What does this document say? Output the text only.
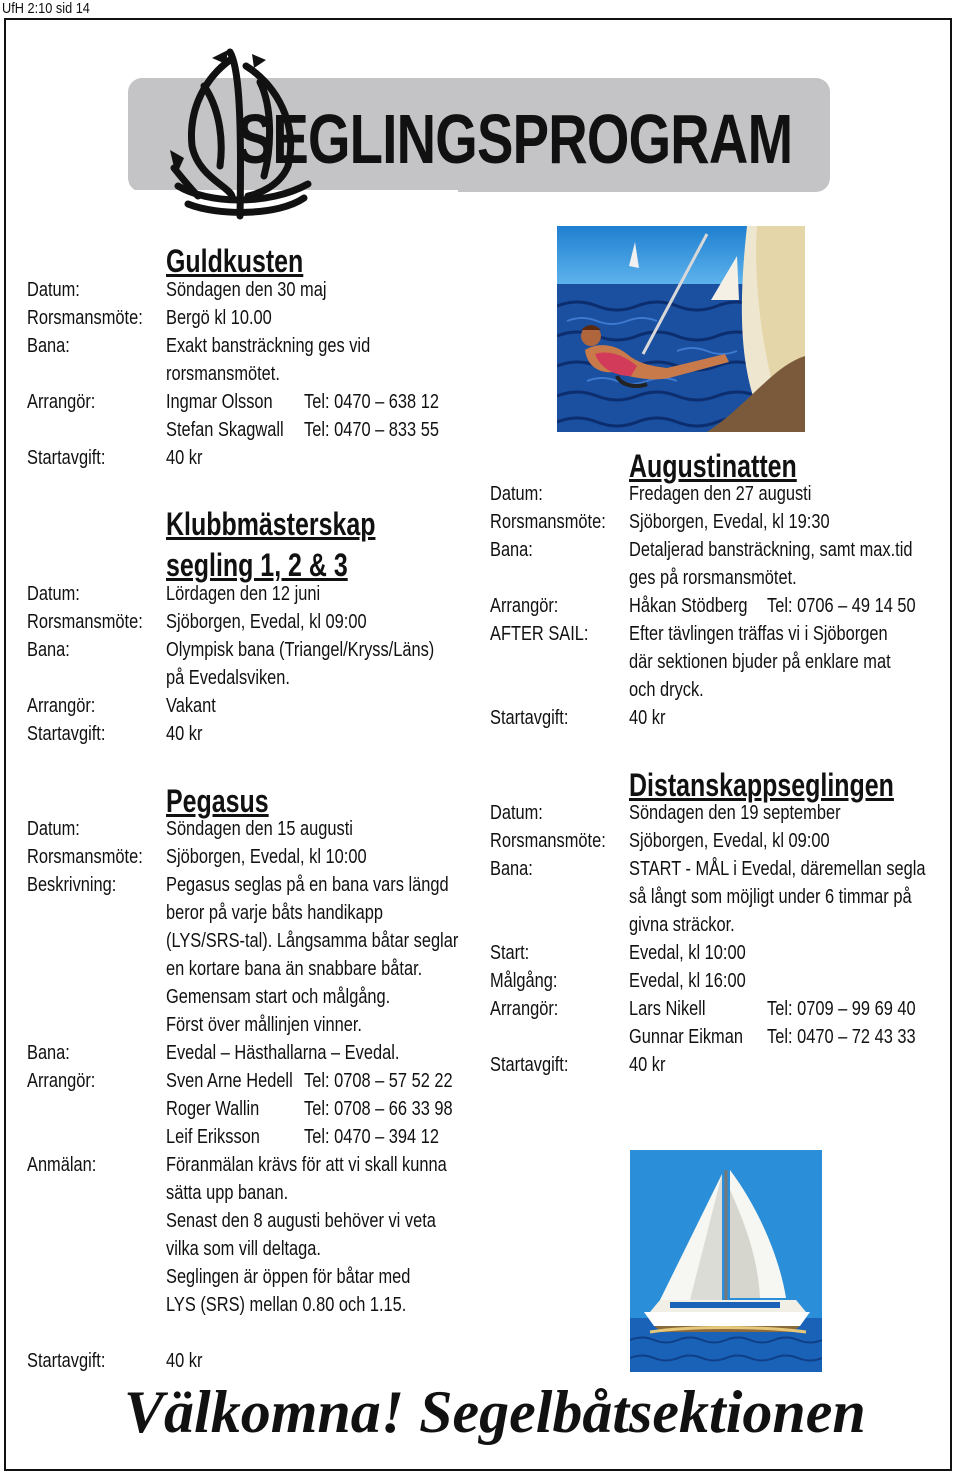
UfH 2:10 sid 14
SEGLINGSPROGRAM
Guldkusten
Datum:	Söndagen den 30 maj
Rorsmansmöte: Bergö kl 10.00
Bana:	Exakt bansträckning ges vid
rorsmansmötet.
Arrangör:	Ingmar Olsson Tel: 0470 – 638 12
Stefan Skagwall Tel: 0470 – 833 55
Startavgift:	40 kr
Klubbmästerskap
segling 1, 2 & 3
Datum:	Lördagen den 12 juni
Rorsmansmöte: Sjöborgen, Evedal, kl 09:00
Bana:	Olympisk bana (Triangel/Kryss/Läns)
på Evedalsviken.
Arrangör:	Vakant
Startavgift:	40 kr
Pegasus
Datum:	Söndagen den 15 augusti
Rorsmansmöte: Sjöborgen, Evedal, kl 10:00
Beskrivning: Pegasus seglas på en bana vars längd
beror på varje båts handikapp
(LYS/SRS-tal). Långsamma båtar seglar
en kortare bana än snabbare båtar.
Gemensam start och målgång.
Först över mållinjen vinner.
Bana:	Evedal – Hästhallarna – Evedal.
Arrangör:	Sven Arne Hedell Tel: 0708 – 57 52 22
Roger Wallin Tel: 0708 – 66 33 98
Leif Eriksson Tel: 0470 – 394 12
Anmälan:	Föranmälan krävs för att vi skall kunna
sätta upp banan.
Senast den 8 augusti behöver vi veta
vilka som vill deltaga.
Seglingen är öppen för båtar med
LYS (SRS) mellan 0.80 och 1.15.
Startavgift:	40 kr
Augustinatten
Datum:	Fredagen den 27 augusti
Rorsmansmöte: Sjöborgen, Evedal, kl 19:30
Bana:	Detaljerad bansträckning, samt max.tid
ges på rorsmansmötet.
Arrangör:	Håkan Stödberg Tel: 0706 – 49 14 50
AFTER SAIL: Efter tävlingen träffas vi i Sjöborgen
där sektionen bjuder på enklare mat
och dryck.
Startavgift:	40 kr
Distanskappseglingen
Datum:	Söndagen den 19 september
Rorsmansmöte: Sjöborgen, Evedal, kl 09:00
Bana:	START - MÅL i Evedal, däremellan segla
så långt som möjligt under 6 timmar på
givna sträckor.
Start:	Evedal, kl 10:00
Målgång:	Evedal, kl 16:00
Arrangör:	Lars Nikell	Tel: 0709 – 99 69 40
Gunnar Eikman Tel: 0470 – 72 43 33
Startavgift:	40 kr
Välkomna! Segelbåtsektionen
